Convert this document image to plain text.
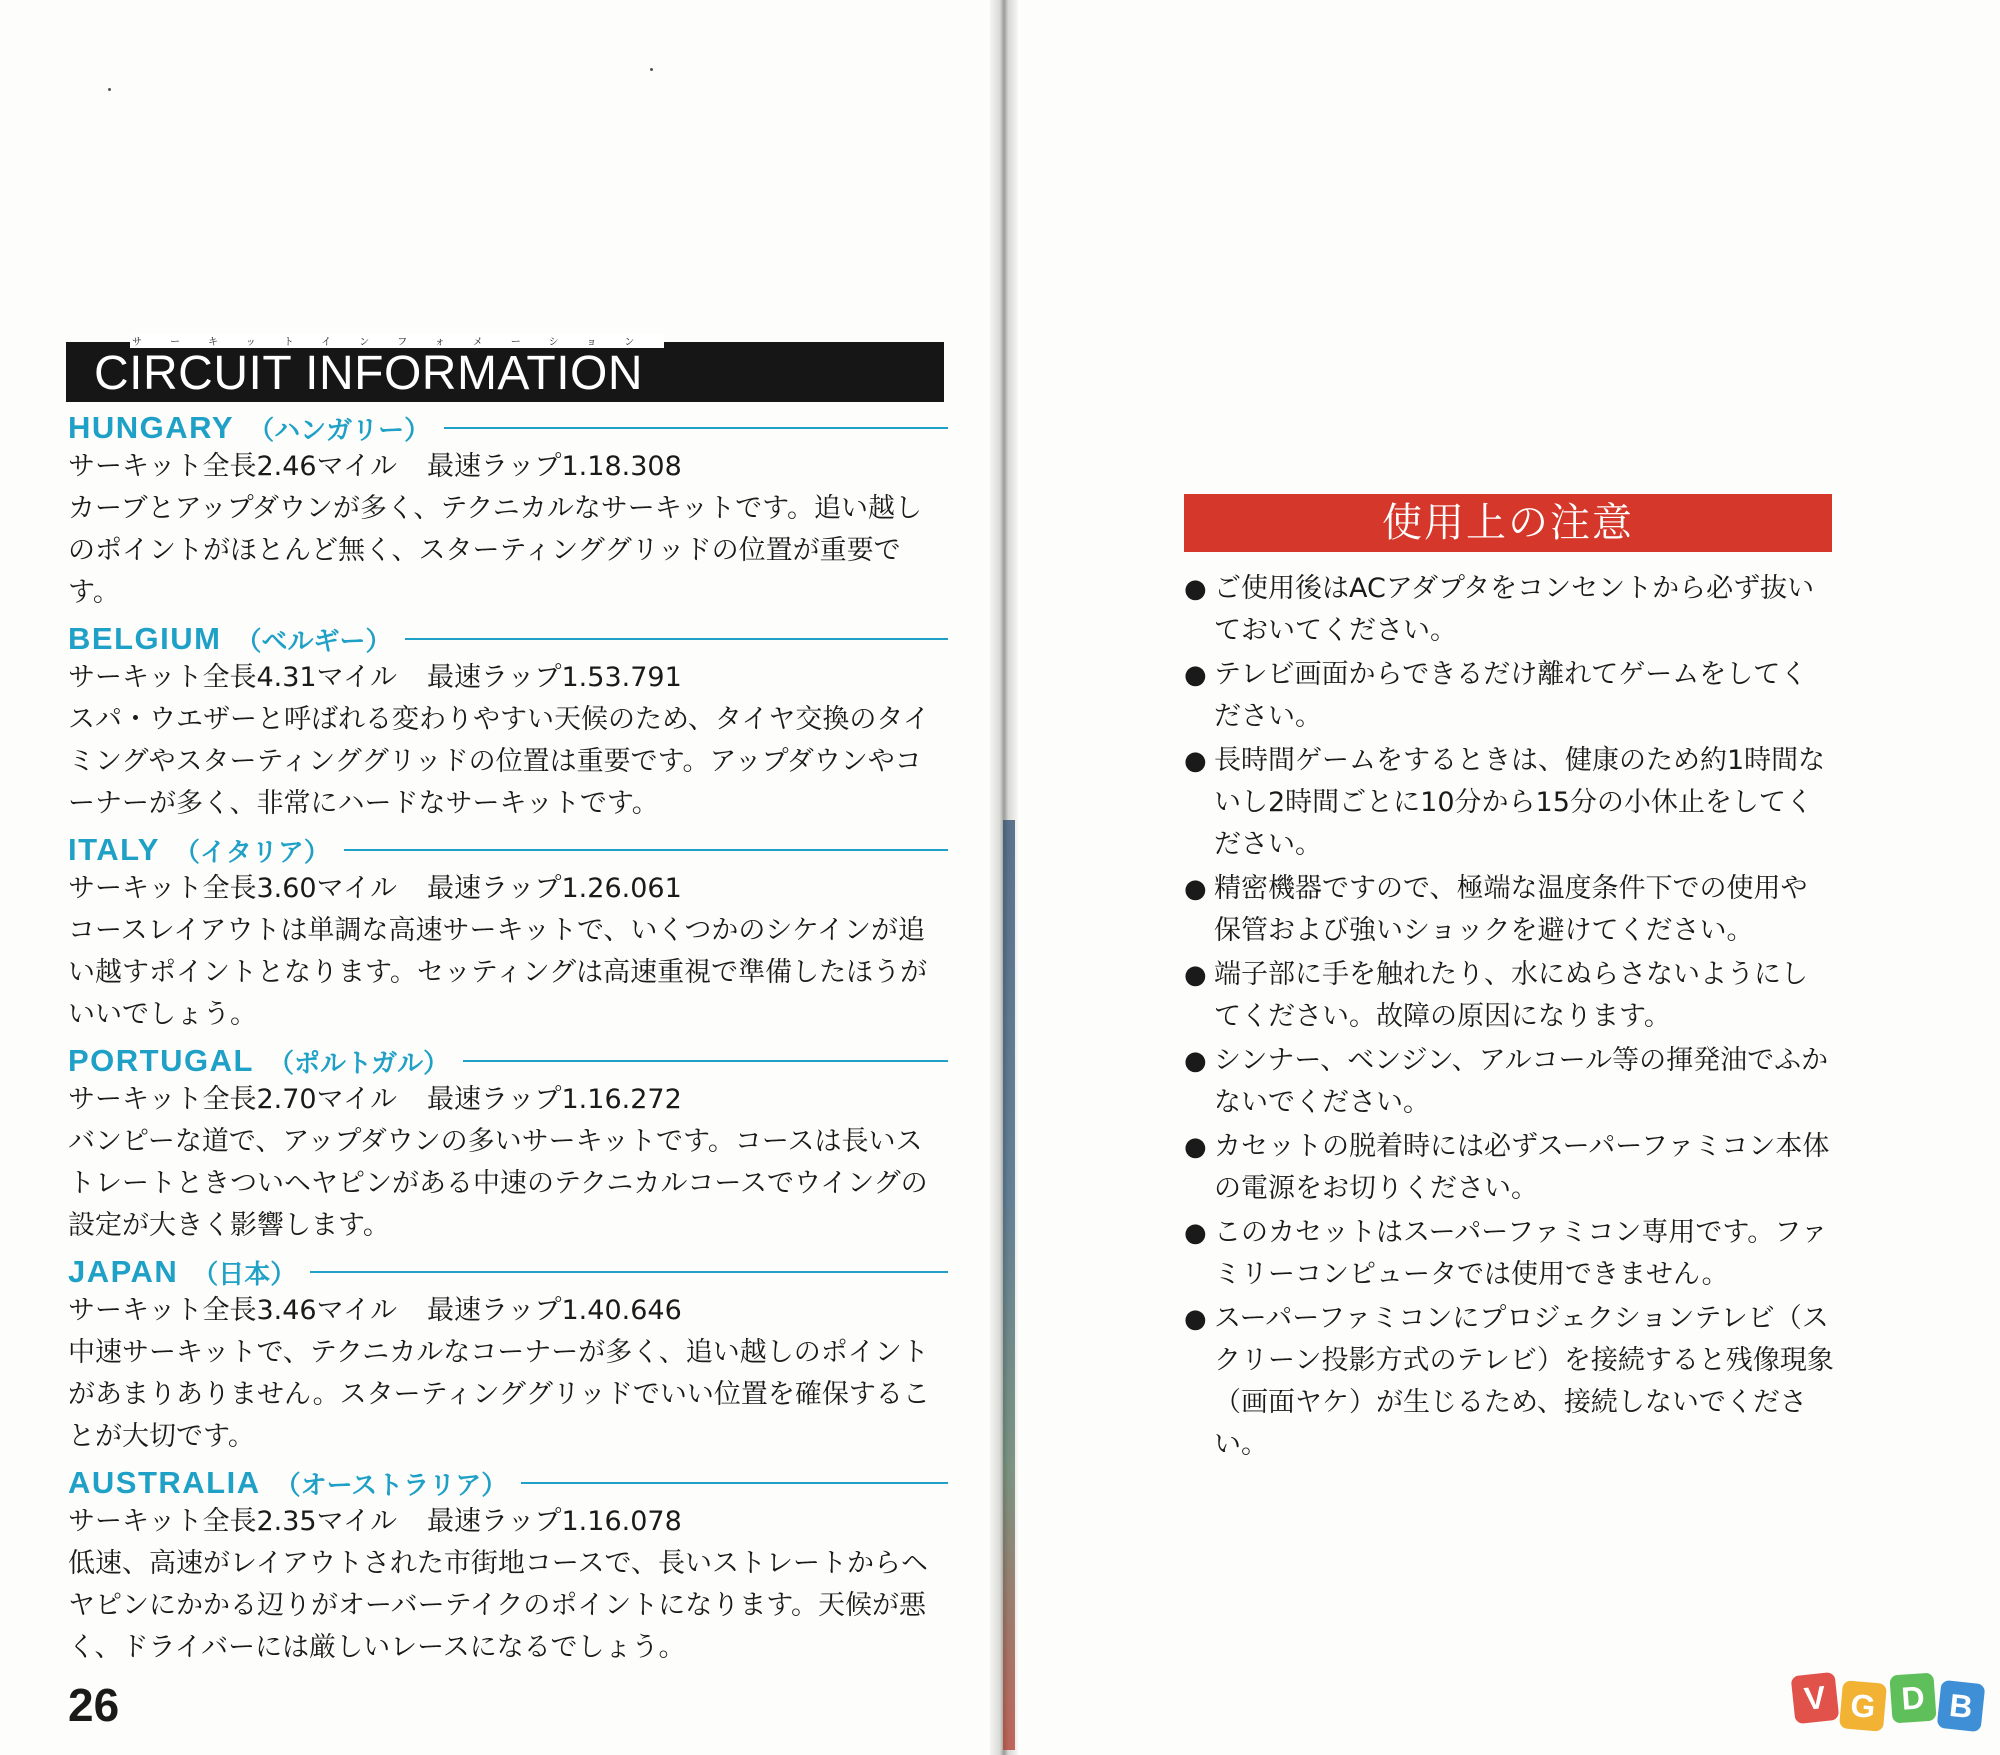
サーキットインフォメーション
CIRCUIT INFORMATION
HUNGARY （ハンガリー）
サーキット全長2.46マイル 最速ラップ1.18.308
カーブとアップダウンが多く、テクニカルなサーキットです。追い越しのポイントがほとんど無く、スターティンググリッドの位置が重要です。
BELGIUM （ベルギー）
サーキット全長4.31マイル 最速ラップ1.53.791
スパ・ウエザーと呼ばれる変わりやすい天候のため、タイヤ交換のタイミングやスターティンググリッドの位置は重要です。アップダウンやコーナーが多く、非常にハードなサーキットです。
ITALY （イタリア）
サーキット全長3.60マイル 最速ラップ1.26.061
コースレイアウトは単調な高速サーキットで、いくつかのシケインが追い越すポイントとなります。セッティングは高速重視で準備したほうがいいでしょう。
PORTUGAL （ポルトガル）
サーキット全長2.70マイル 最速ラップ1.16.272
バンピーな道で、アップダウンの多いサーキットです。コースは長いストレートときついヘヤピンがある中速のテクニカルコースでウイングの設定が大きく影響します。
JAPAN （日本）
サーキット全長3.46マイル 最速ラップ1.40.646
中速サーキットで、テクニカルなコーナーが多く、追い越しのポイントがあまりありません。スターティンググリッドでいい位置を確保することが大切です。
AUSTRALIA （オーストラリア）
サーキット全長2.35マイル 最速ラップ1.16.078
低速、高速がレイアウトされた市街地コースで、長いストレートからヘヤピンにかかる辺りがオーバーテイクのポイントになります。天候が悪く、ドライバーには厳しいレースになるでしょう。
26
使用上の注意
● ご使用後はACアダプタをコンセントから必ず抜いておいてください。
● テレビ画面からできるだけ離れてゲームをしてください。
● 長時間ゲームをするときは、健康のため約1時間ないし2時間ごとに10分から15分の小休止をしてください。
● 精密機器ですので、極端な温度条件下での使用や保管および強いショックを避けてください。
● 端子部に手を触れたり、水にぬらさないようにしてください。故障の原因になります。
● シンナー、ベンジン、アルコール等の揮発油でふかないでください。
● カセットの脱着時には必ずスーパーファミコン本体の電源をお切りください。
● このカセットはスーパーファミコン専用です。ファミリーコンピュータでは使用できません。
● スーパーファミコンにプロジェクションテレビ（スクリーン投影方式のテレビ）を接続すると残像現象（画面ヤケ）が生じるため、接続しないでください。
V G D B
